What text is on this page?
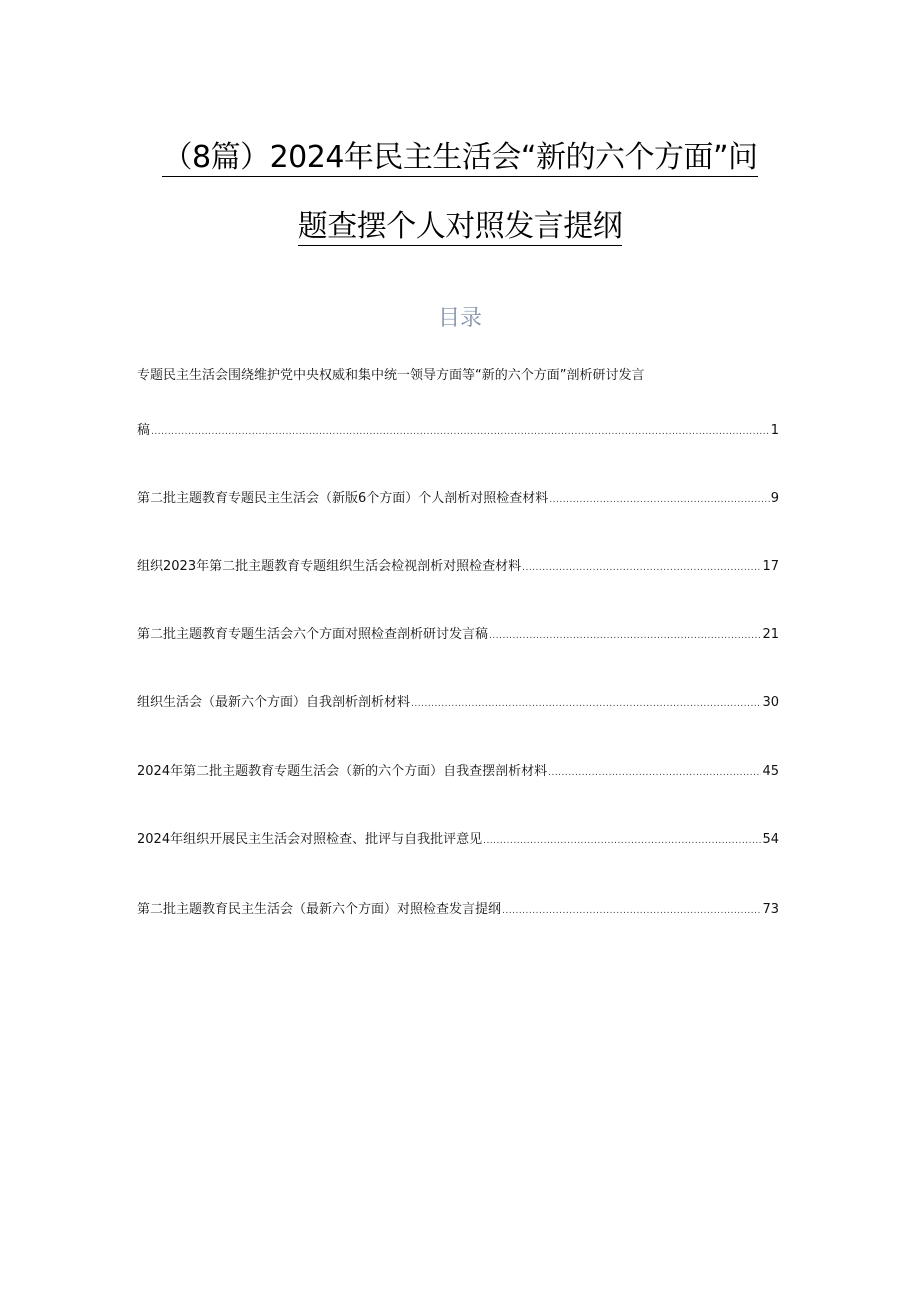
（8篇）2024年民主生活会“新的六个方面”问
题查摆个人对照发言提纲
目录
专题民主生活会围绕维护党中央权威和集中统一领导方面等“新的六个方面”剖析研讨发言
稿 .....	1
第二批主题教育专题民主生活会（新版6个方面）个人剖析对照检查材料 .....	9
组织2023年第二批主题教育专题组织生活会检视剖析对照检查材料 .....	17
第二批主题教育专题生活会六个方面对照检查剖析研讨发言稿 .....	21
组织生活会（最新六个方面）自我剖析剖析材料 .....	30
2024年第二批主题教育专题生活会（新的六个方面）自我查摆剖析材料 .....	45
2024年组织开展民主生活会对照检查、批评与自我批评意见 .....	54
第二批主题教育民主生活会（最新六个方面）对照检查发言提纲 .....	73
